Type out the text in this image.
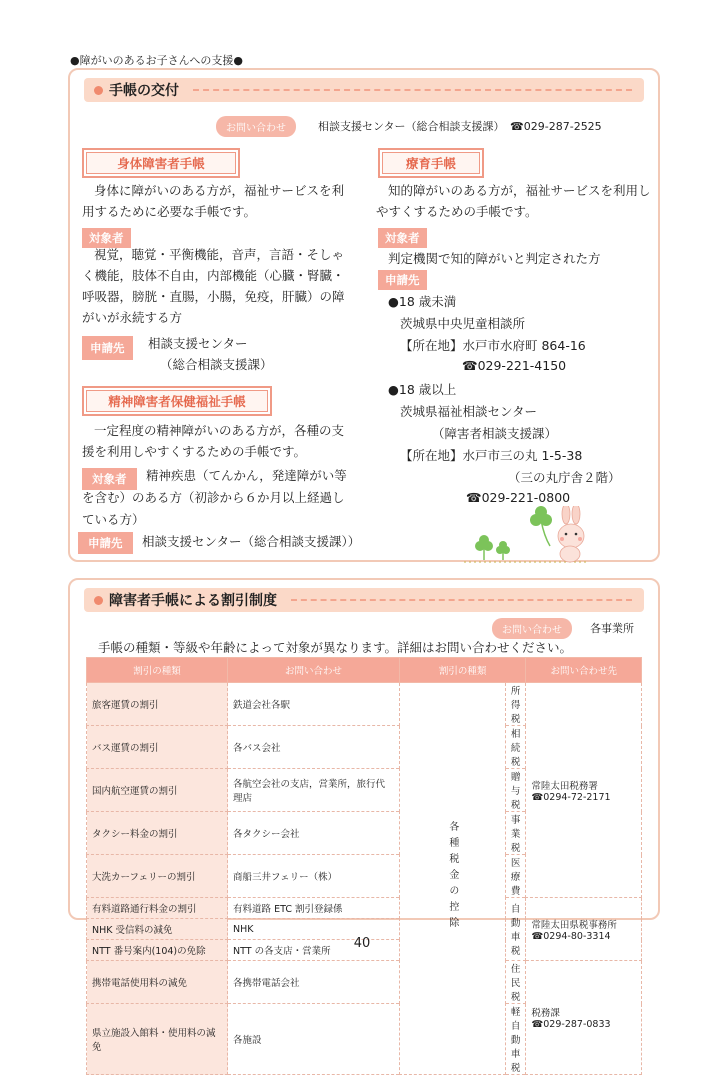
●障がいのあるお子さんへの支援●
手帳の交付
お問い合わせ	相談支援センター（総合相談支援課）　☎029-287-2525
身体障害者手帳
身体に障がいのある方が，福祉サービスを利用するために必要な手帳です。
対象者
視覚，聴覚・平衡機能，音声，言語・そしゃく機能，肢体不自由，内部機能（心臓・腎臓・呼吸器，膀胱・直腸，小腸，免疫，肝臓）の障がいが永続する方
申請先	相談支援センター
（総合相談支援課）
精神障害者保健福祉手帳
一定程度の精神障がいのある方が，各種の支援を利用しやすくするための手帳です。
対象者	精神疾患（てんかん，発達障がい等
を含む）のある方（初診から６か月以上経過し
ている方）
申請先	相談支援センター（総合相談支援課））
療育手帳
知的障がいのある方が，福祉サービスを利用しやすくするための手帳です。
対象者
判定機関で知的障がいと判定された方
申請先
●18 歳未満
茨城県中央児童相談所
【所在地】水戸市水府町 864-16
☎029-221-4150
●18 歳以上
茨城県福祉相談センター
（障害者相談支援課）
【所在地】水戸市三の丸 1-5-38
（三の丸庁舎２階）
☎029-221-0800
障害者手帳による割引制度
お問い合わせ	各事業所
手帳の種類・等級や年齢によって対象が異なります。詳細はお問い合わせください。
割引の種類	お問い合わせ	割引の種類		お問い合わせ先
旅客運賃の割引	鉄道会社各駅	各種税金の控除	所得税	常陸太田税務署
☎0294-72-2171

バス運賃の割引	各バス会社		相続税	
国内航空運賃の割引	各航空会社の支店，営業所，旅行代理店		贈与税	
タクシー料金の割引	各タクシー会社		事業税	
大洗カーフェリーの割引	商船三井フェリー（株）		医療費	
有料道路通行料金の割引	有料道路 ETC 割引登録係		自動車税	常陸太田県税事務所
☎0294-80-3314

NHK 受信料の減免	NHK			
NTT 番号案内(104)の免除	NTT の各支店・営業所			
携帯電話使用料の減免	各携帯電話会社		住民税	税務課
☎029-287-0833

県立施設入館料・使用料の減免	各施設		軽自動車税	
40
